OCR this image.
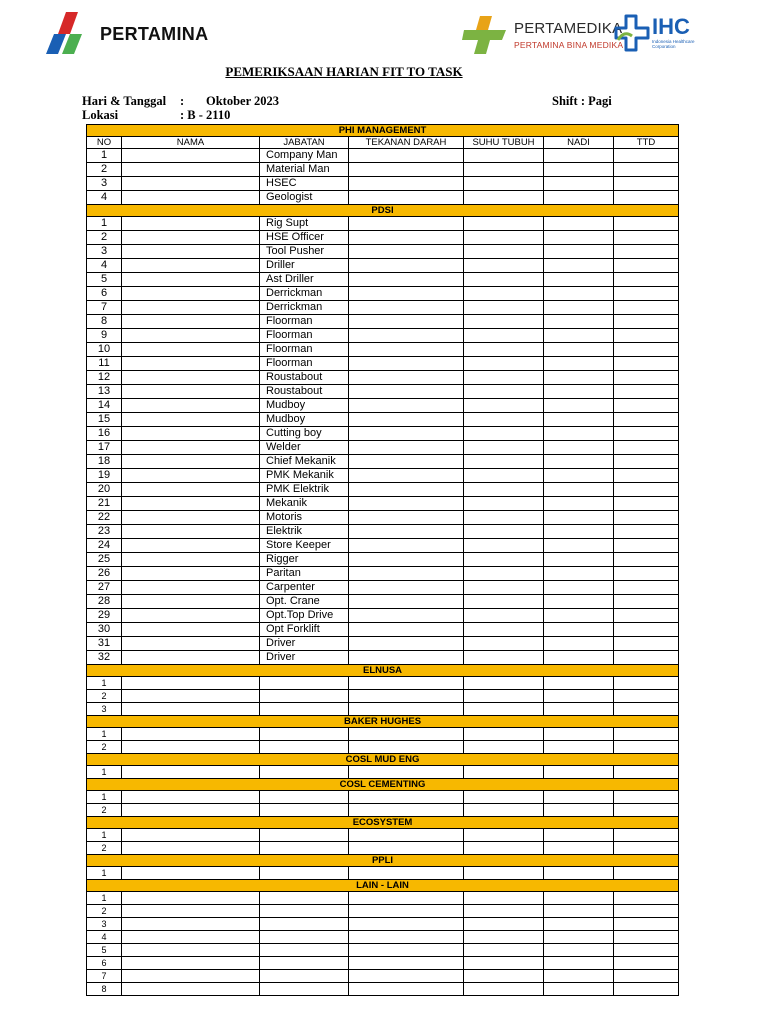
PERTAMINA	PERTAMEDIKA
PERTAMINA BINA MEDIKA
IHC
Indonesia Healthcare Corporation
PEMERIKSAAN HARIAN FIT TO TASK
Hari & Tanggal : Oktober 2023	Shift : Pagi
Lokasi	: B - 2110
PHI MANAGEMENT						
NO	NAMA	JABATAN	TEKANAN DARAH	SUHU TUBUH	NADI	TTD
1		Company Man				
2		Material Man				
3		HSEC				
4		Geologist				
PDSI						
1		Rig Supt				
2		HSE Officer				
3		Tool Pusher				
4		Driller				
5		Ast Driller				
6		Derrickman				
7		Derrickman				
8		Floorman				
9		Floorman				
10		Floorman				
11		Floorman				
12		Roustabout				
13		Roustabout				
14		Mudboy				
15		Mudboy				
16		Cutting boy				
17		Welder				
18		Chief Mekanik				
19		PMK Mekanik				
20		PMK Elektrik				
21		Mekanik				
22		Motoris				
23		Elektrik				
24		Store Keeper				
25		Rigger				
26		Paritan				
27		Carpenter				
28		Opt. Crane				
29		Opt.Top Drive				
30		Opt Forklift				
31		Driver				
32		Driver				
ELNUSA						
1						
2						
3						
BAKER HUGHES						
1						
2						
COSL MUD ENG						
1						
COSL CEMENTING						
1						
2						
ECOSYSTEM						
1						
2						
PPLI						
1						
LAIN - LAIN						
1						
2						
3						
4						
5						
6						
7						
8						
